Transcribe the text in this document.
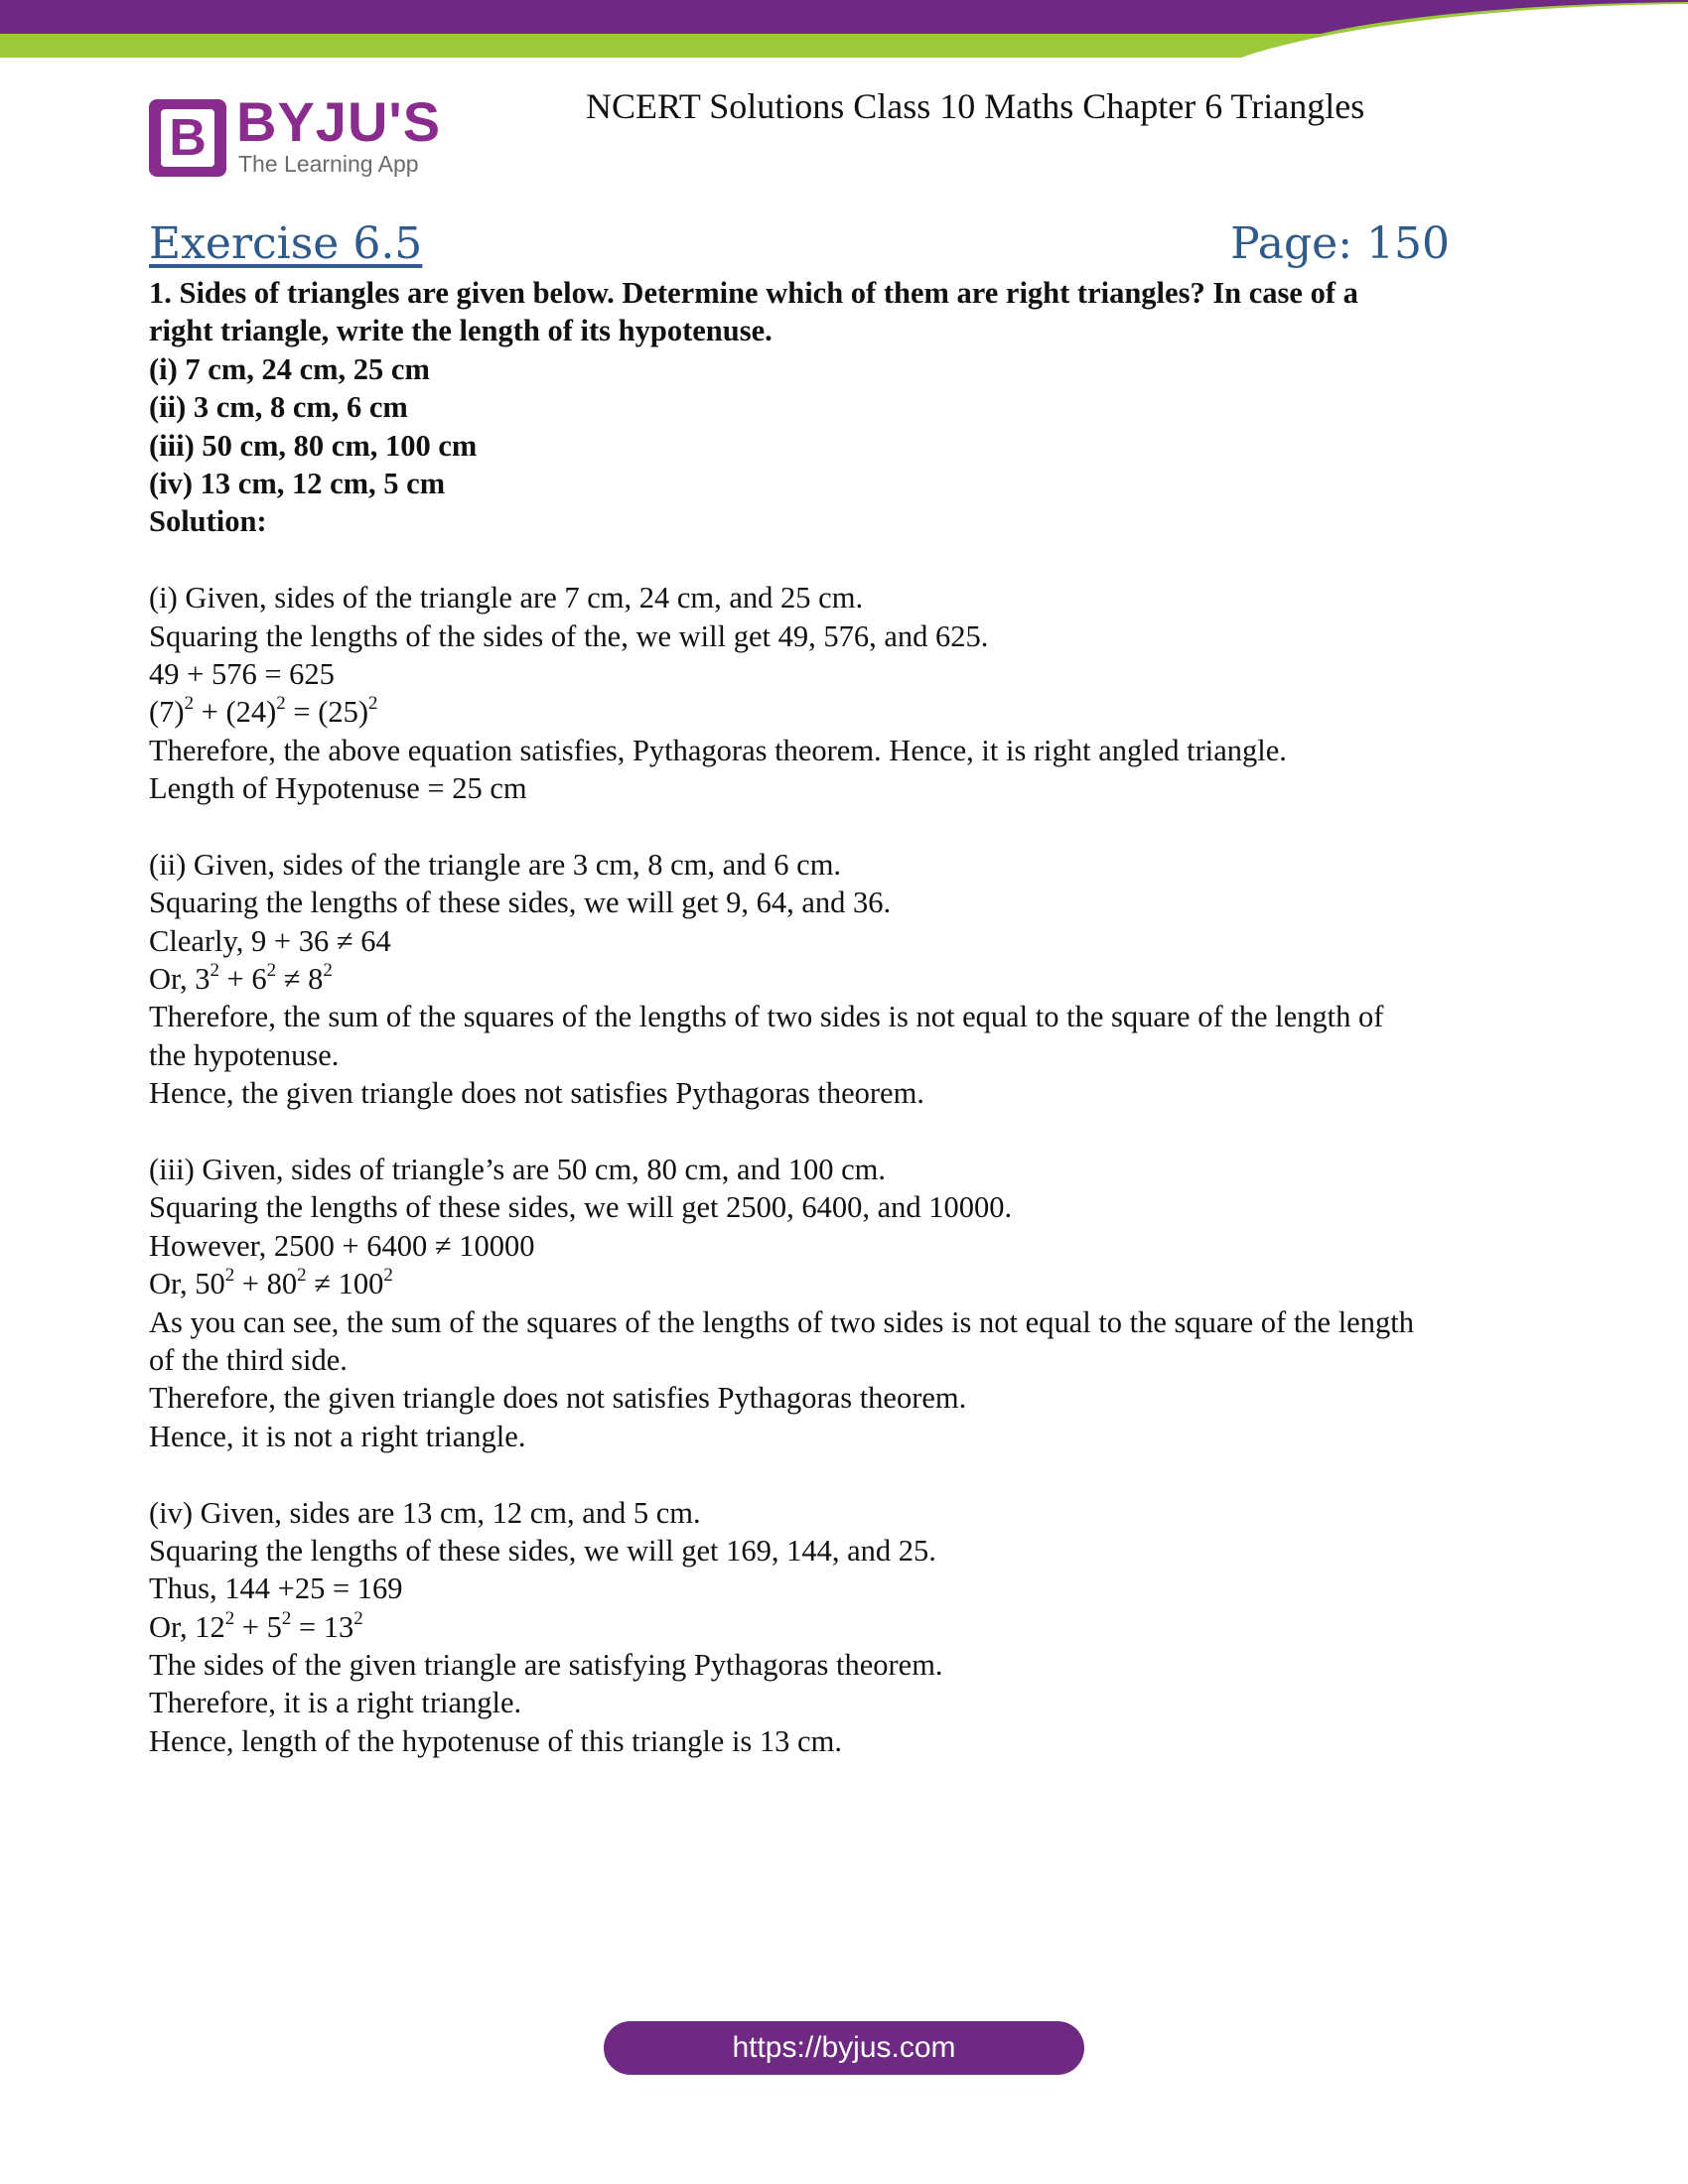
B BYJU'S
The Learning App
NCERT Solutions Class 10 Maths Chapter 6 Triangles
Exercise 6.5	Page: 150
1. Sides of triangles are given below. Determine which of them are right triangles? In case of a
right triangle, write the length of its hypotenuse.
(i) 7 cm, 24 cm, 25 cm
(ii) 3 cm, 8 cm, 6 cm
(iii) 50 cm, 80 cm, 100 cm
(iv) 13 cm, 12 cm, 5 cm
Solution:
(i) Given, sides of the triangle are 7 cm, 24 cm, and 25 cm.
Squaring the lengths of the sides of the, we will get 49, 576, and 625.
49 + 576 = 625
$(7)^2 + (24)^2 = (25)^2$
Therefore, the above equation satisfies, Pythagoras theorem. Hence, it is right angled triangle.
Length of Hypotenuse = 25 cm
(ii) Given, sides of the triangle are 3 cm, 8 cm, and 6 cm.
Squaring the lengths of these sides, we will get 9, 64, and 36.
Clearly, 9 + 36 ≠ 64
Or, $3^2 + 6^2 \ne 8^2$
Therefore, the sum of the squares of the lengths of two sides is not equal to the square of the length of
the hypotenuse.
Hence, the given triangle does not satisfies Pythagoras theorem.
(iii) Given, sides of triangle’s are 50 cm, 80 cm, and 100 cm.
Squaring the lengths of these sides, we will get 2500, 6400, and 10000.
However, 2500 + 6400 ≠ 10000
Or, $50^2 + 80^2 \ne 100^2$
As you can see, the sum of the squares of the lengths of two sides is not equal to the square of the length
of the third side.
Therefore, the given triangle does not satisfies Pythagoras theorem.
Hence, it is not a right triangle.
(iv) Given, sides are 13 cm, 12 cm, and 5 cm.
Squaring the lengths of these sides, we will get 169, 144, and 25.
Thus, 144 +25 = 169
Or, $12^2 + 5^2 = 13^2$
The sides of the given triangle are satisfying Pythagoras theorem.
Therefore, it is a right triangle.
Hence, length of the hypotenuse of this triangle is 13 cm.
https://byjus.com
